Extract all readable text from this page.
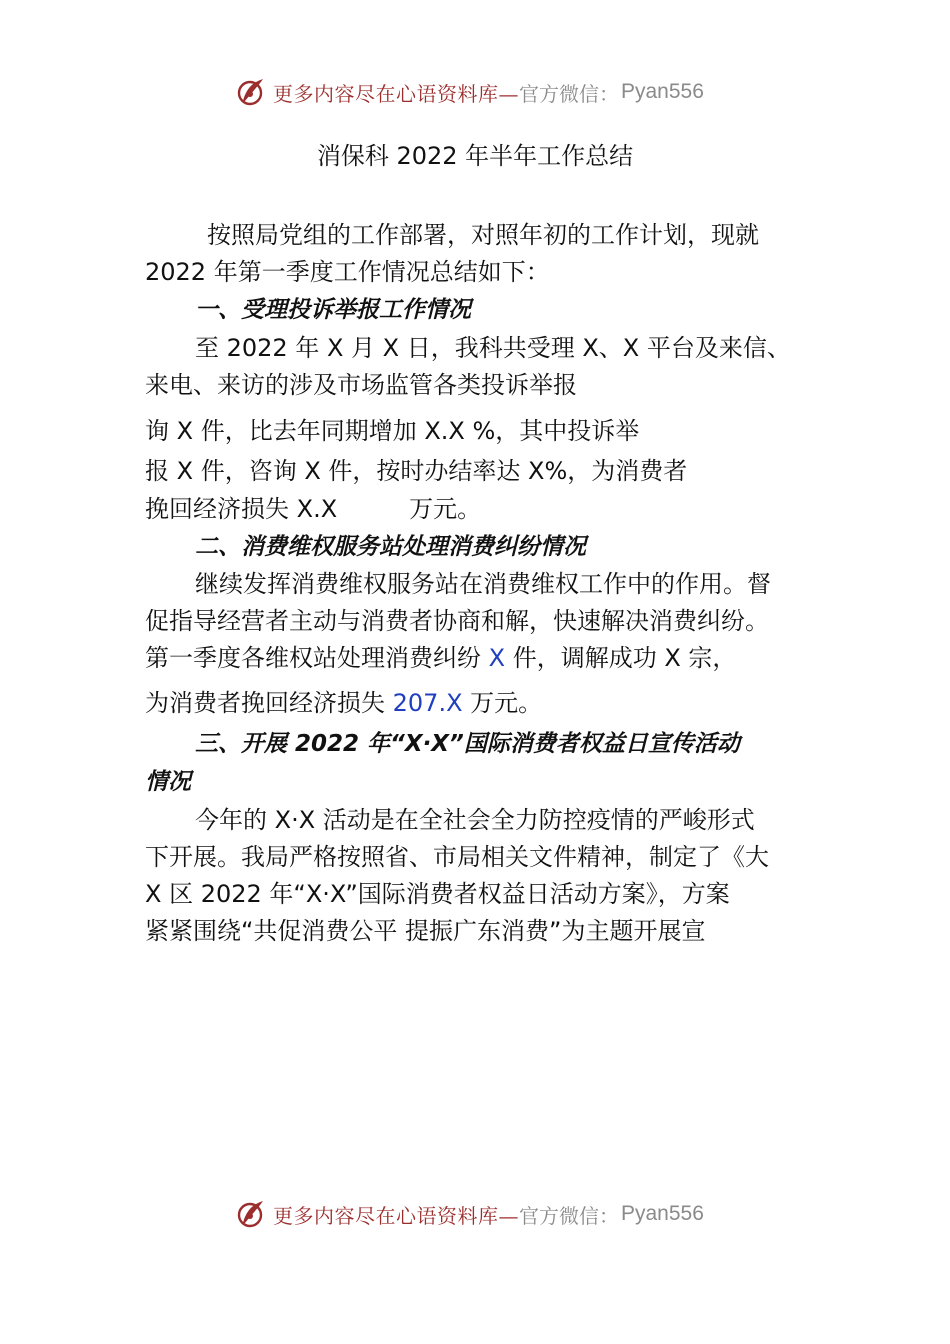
更多内容尽在心语资料库— 官方微信： Pyan556
消保科 2022 年半年工作总结
按照局党组的工作部署，对照年初的工作计划，现就
2022 年第一季度工作情况总结如下：
一、受理投诉举报工作情况
至 2022 年 X 月 X 日，我科共受理 X、X 平台及来信、
来电、来访的涉及市场监管各类投诉举报
询 X 件，比去年同期增加 X.X %，其中投诉举
报 X 件，咨询 X 件，按时办结率达 X%，为消费者
挽回经济损失 X.X　　　万元。
二、消费维权服务站处理消费纠纷情况
继续发挥消费维权服务站在消费维权工作中的作用。督
促指导经营者主动与消费者协商和解，快速解决消费纠纷。
第一季度各维权站处理消费纠纷 X 件，调解成功 X 宗，
为消费者挽回经济损失 207.X 万元。
三、开展 2022 年“X·X”国际消费者权益日宣传活动
情况
今年的 X·X 活动是在全社会全力防控疫情的严峻形式
下开展。我局严格按照省、市局相关文件精神，制定了《大
X 区 2022 年“X·X”国际消费者权益日活动方案》，方案
紧紧围绕“共促消费公平 提振广东消费”为主题开展宣
更多内容尽在心语资料库— 官方微信： Pyan556
